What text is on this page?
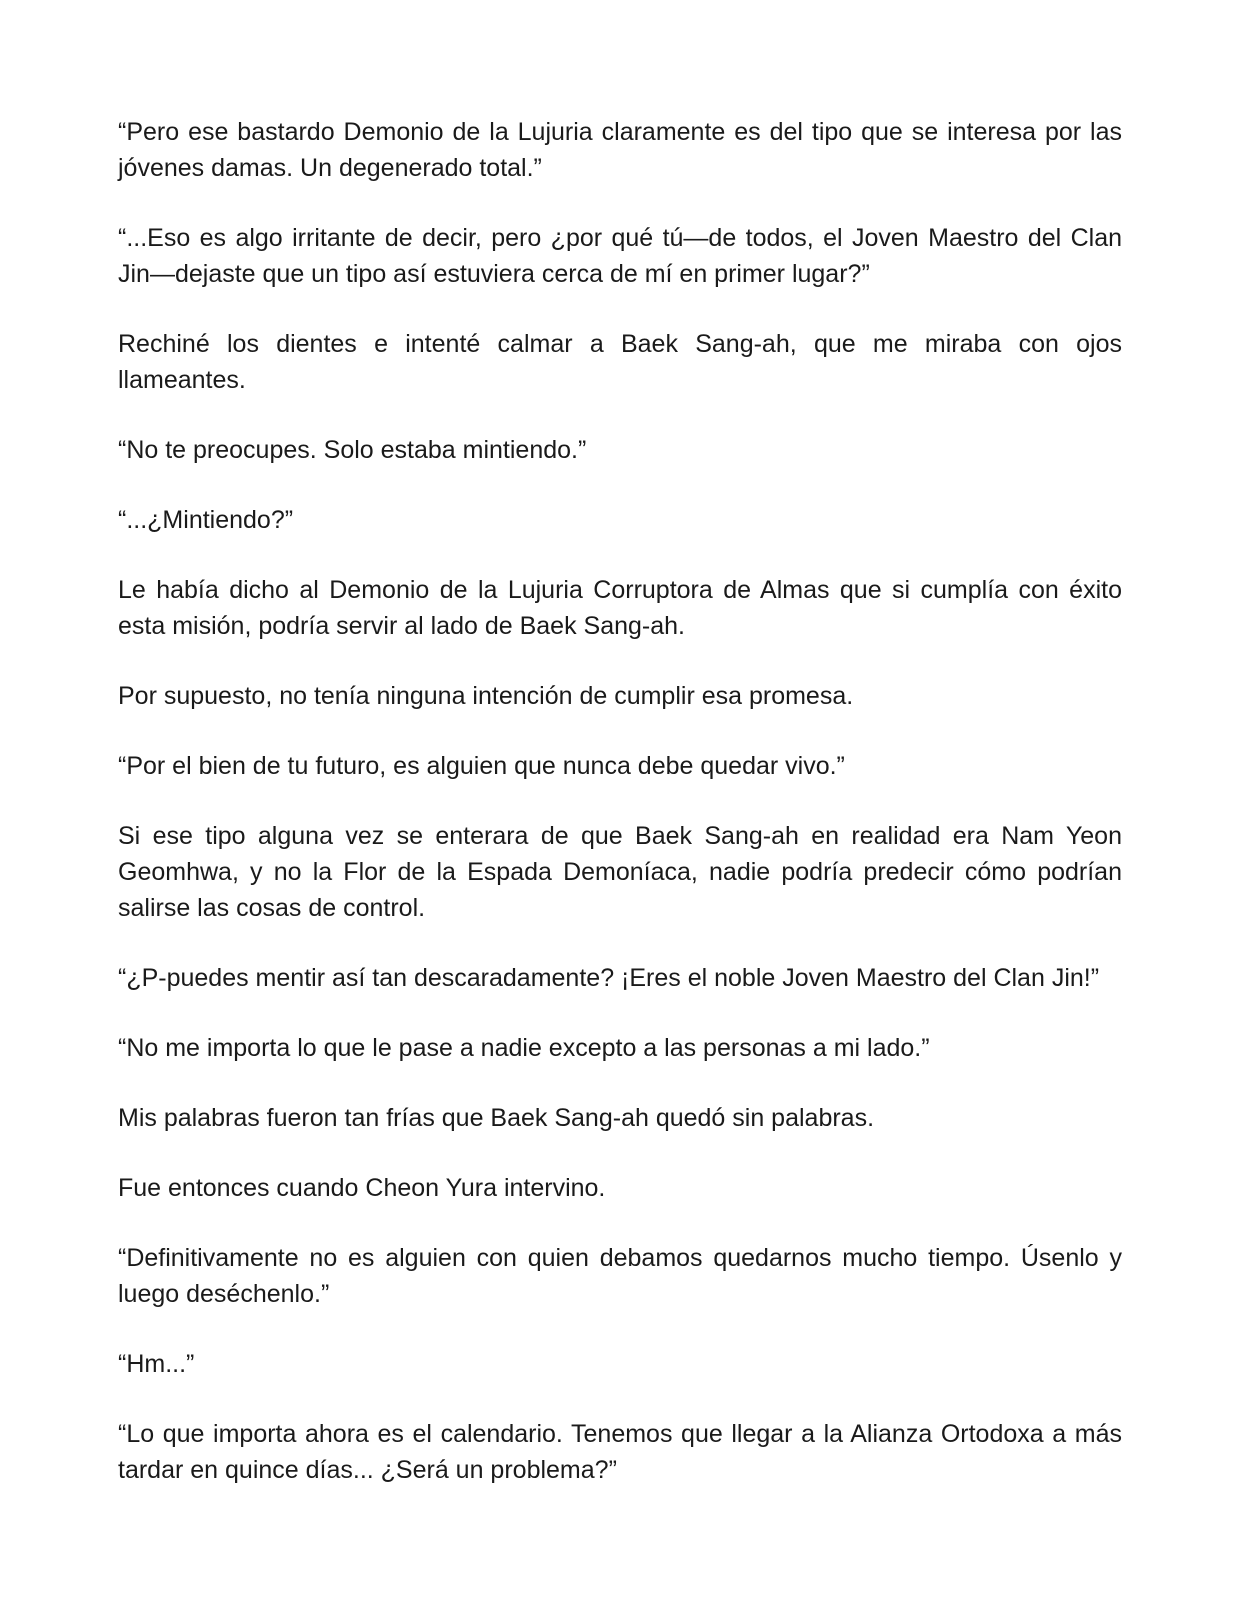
“Pero ese bastardo Demonio de la Lujuria claramente es del tipo que se interesa por las jóvenes damas. Un degenerado total.”

“...Eso es algo irritante de decir, pero ¿por qué tú—de todos, el Joven Maestro del Clan Jin—dejaste que un tipo así estuviera cerca de mí en primer lugar?”

Rechiné los dientes e intenté calmar a Baek Sang-ah, que me miraba con ojos llameantes.

“No te preocupes. Solo estaba mintiendo.”

“...¿Mintiendo?”

Le había dicho al Demonio de la Lujuria Corruptora de Almas que si cumplía con éxito esta misión, podría servir al lado de Baek Sang-ah.

Por supuesto, no tenía ninguna intención de cumplir esa promesa.

“Por el bien de tu futuro, es alguien que nunca debe quedar vivo.”

Si ese tipo alguna vez se enterara de que Baek Sang-ah en realidad era Nam Yeon Geomhwa, y no la Flor de la Espada Demoníaca, nadie podría predecir cómo podrían salirse las cosas de control.

“¿P-puedes mentir así tan descaradamente? ¡Eres el noble Joven Maestro del Clan Jin!”

“No me importa lo que le pase a nadie excepto a las personas a mi lado.”

Mis palabras fueron tan frías que Baek Sang-ah quedó sin palabras.

Fue entonces cuando Cheon Yura intervino.

“Definitivamente no es alguien con quien debamos quedarnos mucho tiempo. Úsenlo y luego deséchenlo.”

“Hm...”

“Lo que importa ahora es el calendario. Tenemos que llegar a la Alianza Ortodoxa a más tardar en quince días... ¿Será un problema?”
